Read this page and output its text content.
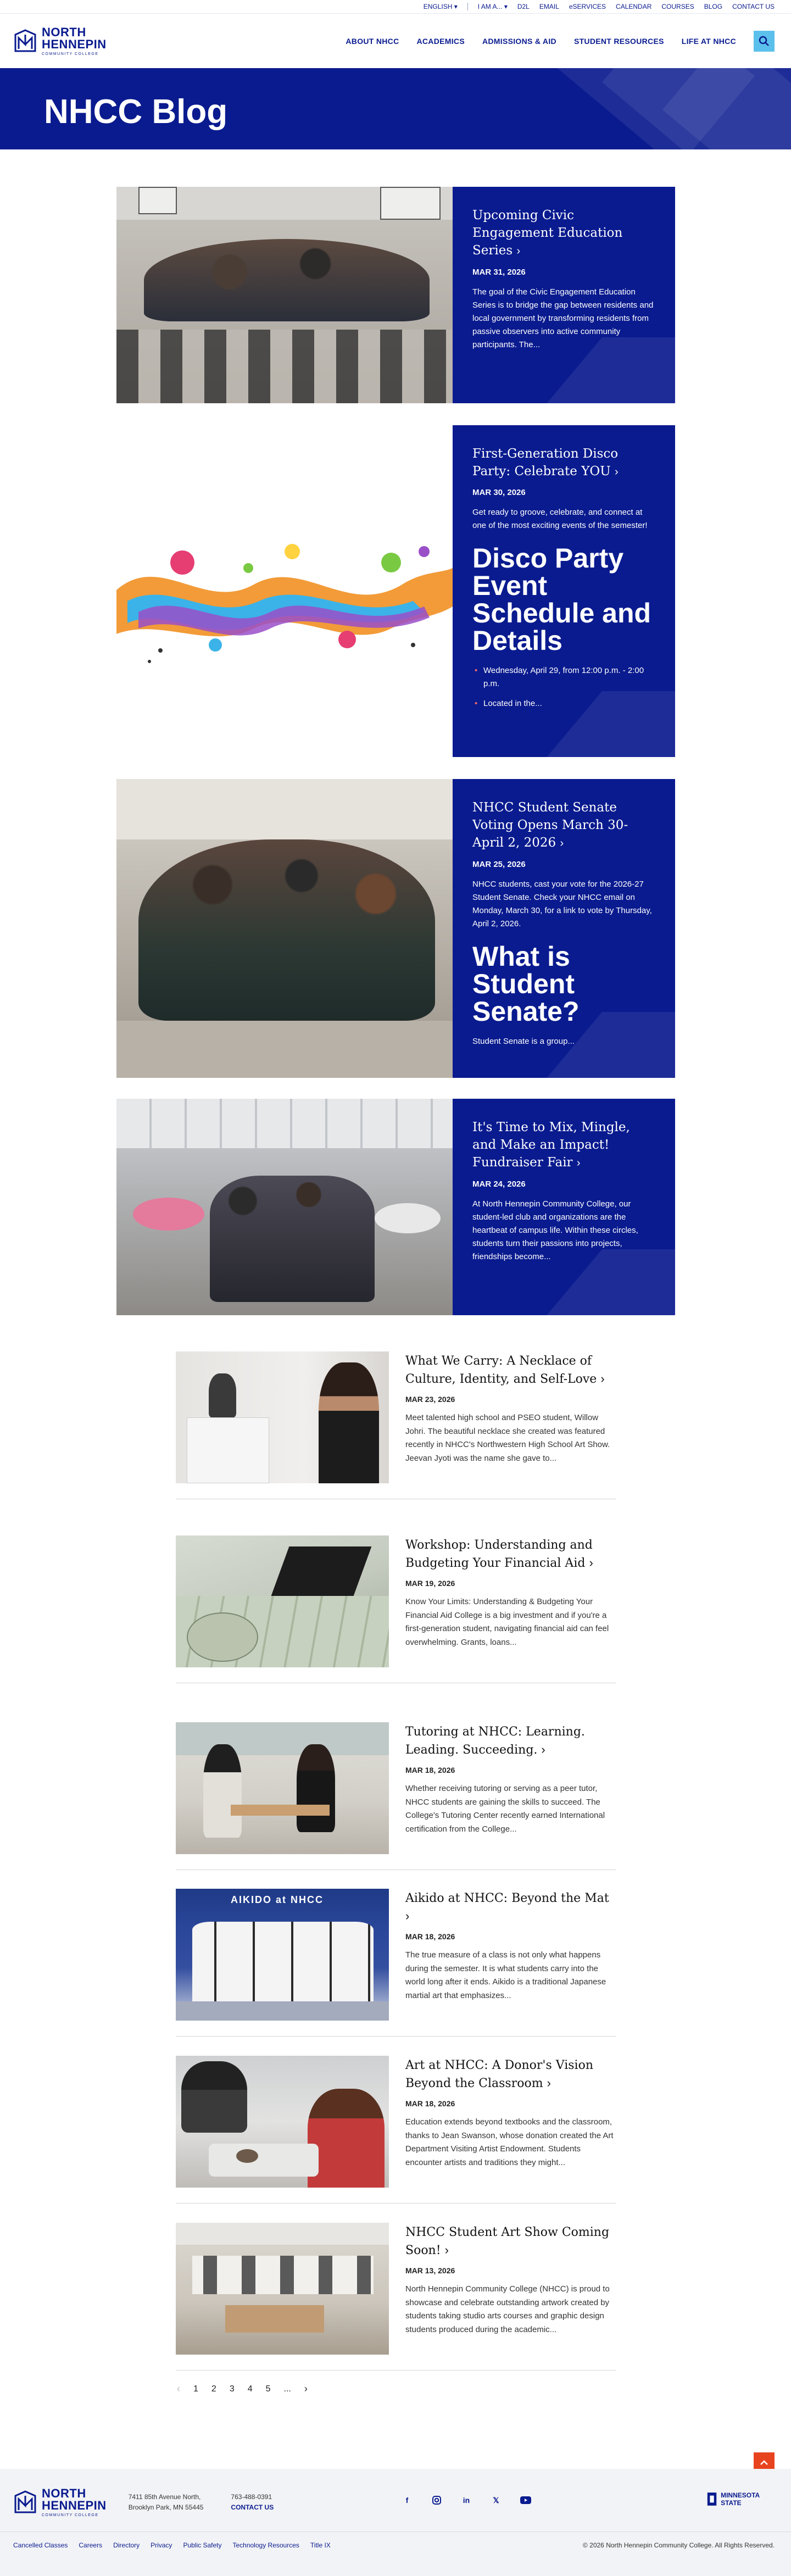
ENGLISH ▾	I AM A... ▾ D2L EMAIL eSERVICES CALENDAR COURSES BLOG CONTACT US
NORTH
HENNEPIN
COMMUNITY COLLEGE
ABOUT NHCC ACADEMICS ADMISSIONS & AID STUDENT RESOURCES LIFE AT NHCC
NHCC Blog
Upcoming Civic Engagement Education Series ›
MAR 31, 2026
The goal of the Civic Engagement Education Series is to bridge the gap between residents and local government by transforming residents from passive observers into active community participants. The...
First-Generation Disco Party: Celebrate YOU ›
MAR 30, 2026
Get ready to groove, celebrate, and connect at one of the most exciting events of the semester!
Disco Party Event Schedule and Details
• Wednesday, April 29, from 12:00 p.m. - 2:00 p.m.
• Located in the...
NHCC Student Senate Voting Opens March 30-April 2, 2026 ›
MAR 25, 2026
NHCC students, cast your vote for the 2026-27 Student Senate. Check your NHCC email on Monday, March 30, for a link to vote by Thursday, April 2, 2026.
What is Student Senate?
Student Senate is a group...
It's Time to Mix, Mingle, and Make an Impact! Fundraiser Fair ›
MAR 24, 2026
At North Hennepin Community College, our student-led club and organizations are the heartbeat of campus life. Within these circles, students turn their passions into projects, friendships become...
What We Carry: A Necklace of Culture, Identity, and Self-Love ›
MAR 23, 2026
Meet talented high school and PSEO student, Willow Johri. The beautiful necklace she created was featured recently in NHCC's Northwestern High School Art Show. Jeevan Jyoti was the name she gave to...
Workshop: Understanding and Budgeting Your Financial Aid ›
MAR 19, 2026
Know Your Limits: Understanding & Budgeting Your Financial Aid College is a big investment and if you're a first-generation student, navigating financial aid can feel overwhelming. Grants, loans...
Tutoring at NHCC: Learning. Leading. Succeeding. ›
MAR 18, 2026
Whether receiving tutoring or serving as a peer tutor, NHCC students are gaining the skills to succeed. The College's Tutoring Center recently earned International certification from the College...
AIKIDO at NHCC	Aikido at NHCC: Beyond the Mat ›
MAR 18, 2026
The true measure of a class is not only what happens during the semester. It is what students carry into the world long after it ends. Aikido is a traditional Japanese martial art that emphasizes...
Art at NHCC: A Donor's Vision Beyond the Classroom ›
MAR 18, 2026
Education extends beyond textbooks and the classroom, thanks to Jean Swanson, whose donation created the Art Department Visiting Artist Endowment. Students encounter artists and traditions they might...
NHCC Student Art Show Coming Soon! ›
MAR 13, 2026
North Hennepin Community College (NHCC) is proud to showcase and celebrate outstanding artwork created by students taking studio arts courses and graphic design students produced during the academic...
‹ 1 2 3 4 5 ... ›
NORTH
HENNEPIN
COMMUNITY COLLEGE
7411 85th Avenue North,
Brooklyn Park, MN 55445
763-488-0391
CONTACT US
f	in	𝕏
MINNESOTA STATE
Cancelled Classes Careers Directory Privacy Public Safety Technology Resources Title IX	© 2026 North Hennepin Community College. All Rights Reserved.
